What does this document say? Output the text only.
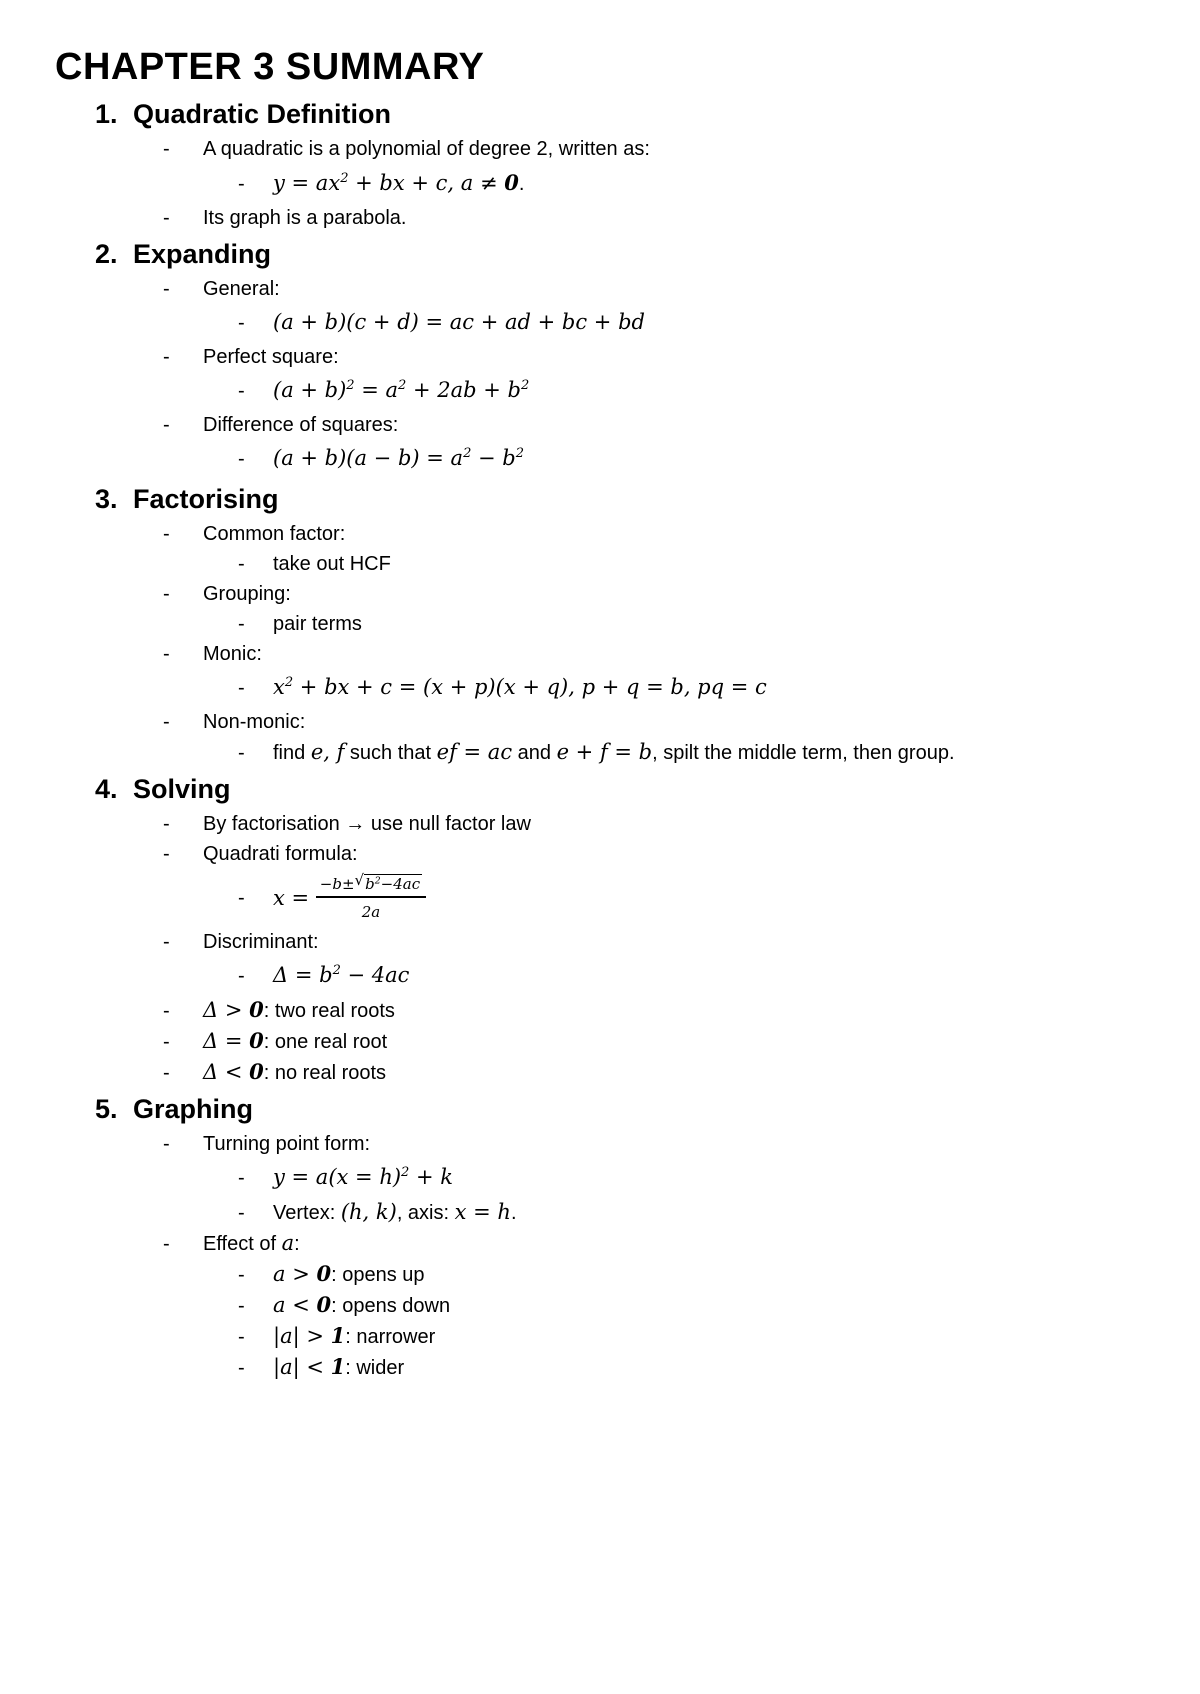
CHAPTER 3 SUMMARY
1. Quadratic Definition
-	A quadratic is a polynomial of degree 2, written as:
-	$y = ax^2$ + bx + c, a ≠ 0 .
-	Its graph is a parabola.
2. Expanding
-	General:
-	(a + b)(c + d) = ac + ad + bc + bd
-	Perfect square:
-	$(a + b)^2 = a^2 + 2ab + b^2$
-	Difference of squares:
-	$(a + b)(a - b) = a^2 - b^2$
3. Factorising
-	Common factor:
-	take out HCF
-	Grouping:
-	pair terms
-	Monic:
-	$x^2$ + bx + c = (x + p)(x + q), p + q = b, pq = c
-	Non-monic:
-	find e, f such that ef = ac and e + f = b , spilt the middle term, then group.
4. Solving
-	By factorisation → use null factor law
-	Quadrati formula:
-	$x = \frac{-b\pm √ b^2-4ac}{2a}$
-	Discriminant:
-	$\Delta = b^2 - 4ac$
-	Δ > 0 : two real roots
-	Δ = 0 : one real root
-	Δ < 0 : no real roots
5. Graphing
-	Turning point form:
-	y = a(x = h)$^2$ + k
-	Vertex: (h, k) , axis: x = h .
-	Effect of a :
-	a > 0 : opens up
-	a < 0 : opens down
-	|a| > 1 : narrower
-	|a| < 1 : wider
